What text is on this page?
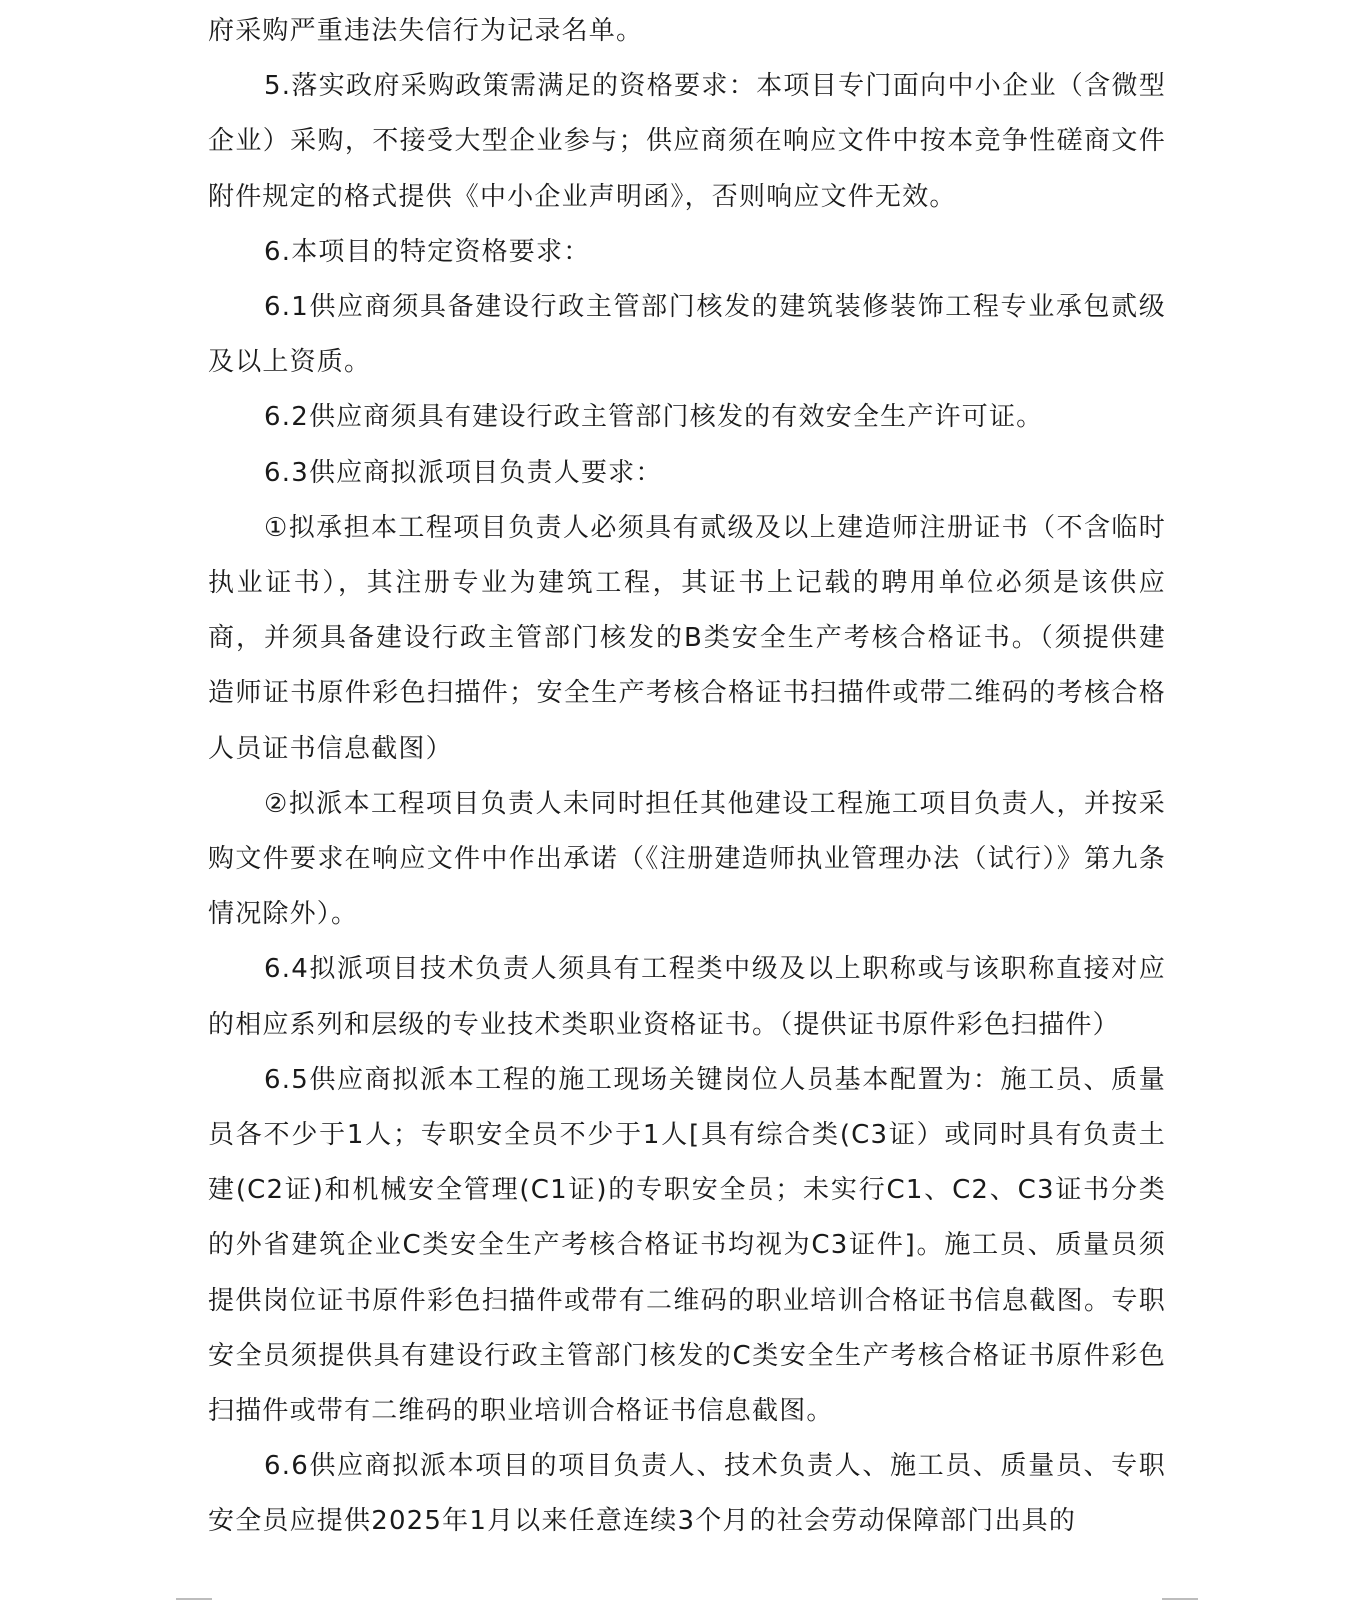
府采购严重违法失信行为记录名单。

5.落实政府采购政策需满足的资格要求：本项目专门面向中小企业（含微型企业）采购，不接受大型企业参与；供应商须在响应文件中按本竞争性磋商文件附件规定的格式提供《中小企业声明函》，否则响应文件无效。

6.本项目的特定资格要求：

6.1供应商须具备建设行政主管部门核发的建筑装修装饰工程专业承包贰级及以上资质。

6.2供应商须具有建设行政主管部门核发的有效安全生产许可证。

6.3供应商拟派项目负责人要求：

①拟承担本工程项目负责人必须具有贰级及以上建造师注册证书（不含临时执业证书），其注册专业为建筑工程，其证书上记载的聘用单位必须是该供应商，并须具备建设行政主管部门核发的B类安全生产考核合格证书。（须提供建造师证书原件彩色扫描件；安全生产考核合格证书扫描件或带二维码的考核合格人员证书信息截图）

②拟派本工程项目负责人未同时担任其他建设工程施工项目负责人，并按采购文件要求在响应文件中作出承诺（《注册建造师执业管理办法（试行）》第九条情况除外）。

6.4拟派项目技术负责人须具有工程类中级及以上职称或与该职称直接对应的相应系列和层级的专业技术类职业资格证书。（提供证书原件彩色扫描件）

6.5供应商拟派本工程的施工现场关键岗位人员基本配置为：施工员、质量员各不少于1人；专职安全员不少于1人[具有综合类(C3证）或同时具有负责土建(C2证)和机械安全管理(C1证)的专职安全员；未实行C1、C2、C3证书分类的外省建筑企业C类安全生产考核合格证书均视为C3证件]。施工员、质量员须提供岗位证书原件彩色扫描件或带有二维码的职业培训合格证书信息截图。专职安全员须提供具有建设行政主管部门核发的C类安全生产考核合格证书原件彩色扫描件或带有二维码的职业培训合格证书信息截图。

6.6供应商拟派本项目的项目负责人、技术负责人、施工员、质量员、专职安全员应提供2025年1月以来任意连续3个月的社会劳动保障部门出具的
